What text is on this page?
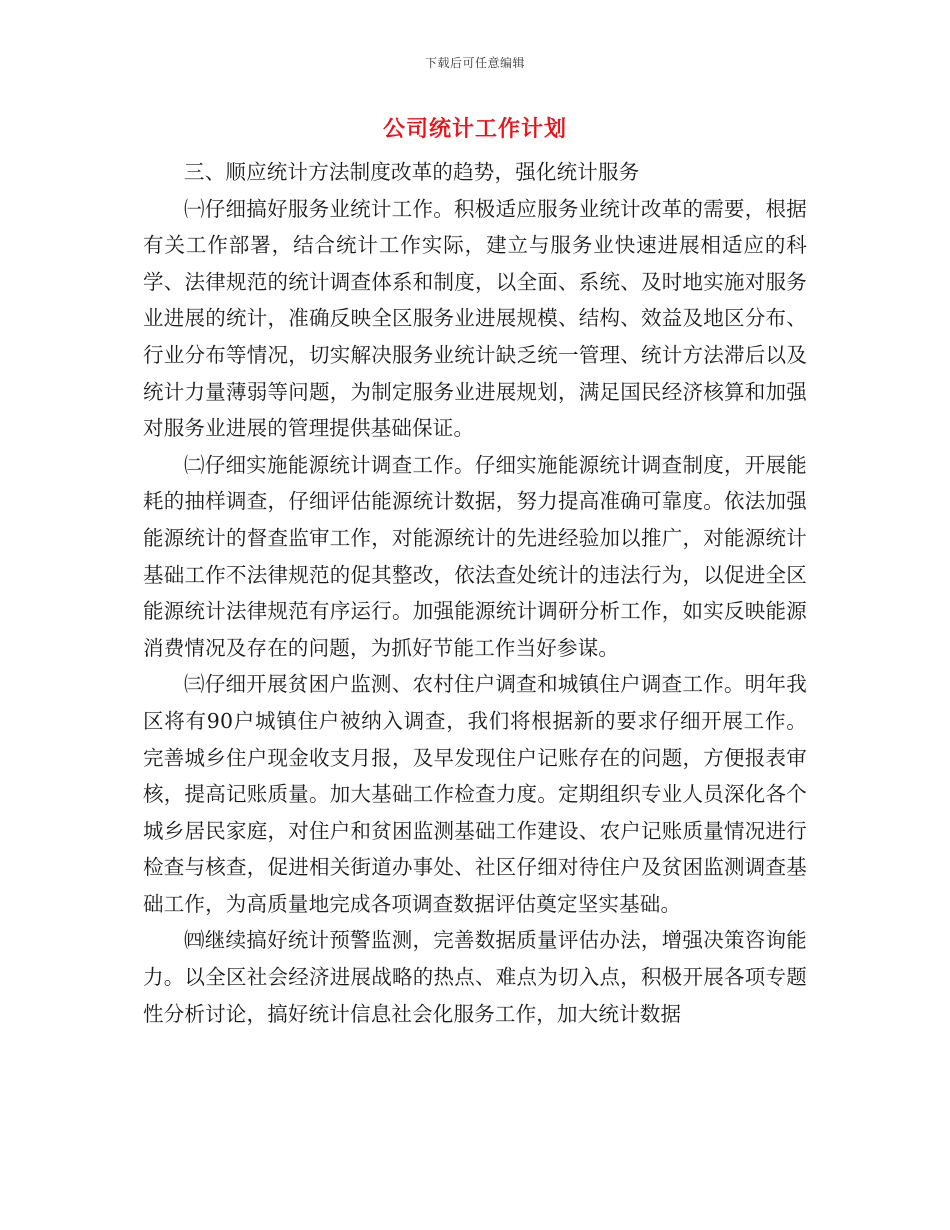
下载后可任意编辑
公司统计工作计划

三、顺应统计方法制度改革的趋势，强化统计服务

㈠仔细搞好服务业统计工作。积极适应服务业统计改革的需要，根据有关工作部署，结合统计工作实际，建立与服务业快速进展相适应的科学、法律规范的统计调查体系和制度，以全面、系统、及时地实施对服务业进展的统计，准确反映全区服务业进展规模、结构、效益及地区分布、行业分布等情况，切实解决服务业统计缺乏统一管理、统计方法滞后以及统计力量薄弱等问题，为制定服务业进展规划，满足国民经济核算和加强对服务业进展的管理提供基础保证。

㈡仔细实施能源统计调查工作。仔细实施能源统计调查制度，开展能耗的抽样调查，仔细评估能源统计数据，努力提高准确可靠度。依法加强能源统计的督查监审工作，对能源统计的先进经验加以推广，对能源统计基础工作不法律规范的促其整改，依法查处统计的违法行为，以促进全区能源统计法律规范有序运行。加强能源统计调研分析工作，如实反映能源消费情况及存在的问题，为抓好节能工作当好参谋。

㈢仔细开展贫困户监测、农村住户调查和城镇住户调查工作。明年我区将有90户城镇住户被纳入调查，我们将根据新的要求仔细开展工作。完善城乡住户现金收支月报，及早发现住户记账存在的问题，方便报表审核，提高记账质量。加大基础工作检查力度。定期组织专业人员深化各个城乡居民家庭，对住户和贫困监测基础工作建设、农户记账质量情况进行检查与核查，促进相关街道办事处、社区仔细对待住户及贫困监测调查基础工作，为高质量地完成各项调查数据评估奠定坚实基础。

㈣继续搞好统计预警监测，完善数据质量评估办法，增强决策咨询能力。以全区社会经济进展战略的热点、难点为切入点，积极开展各项专题性分析讨论，搞好统计信息社会化服务工作，加大统计数据
